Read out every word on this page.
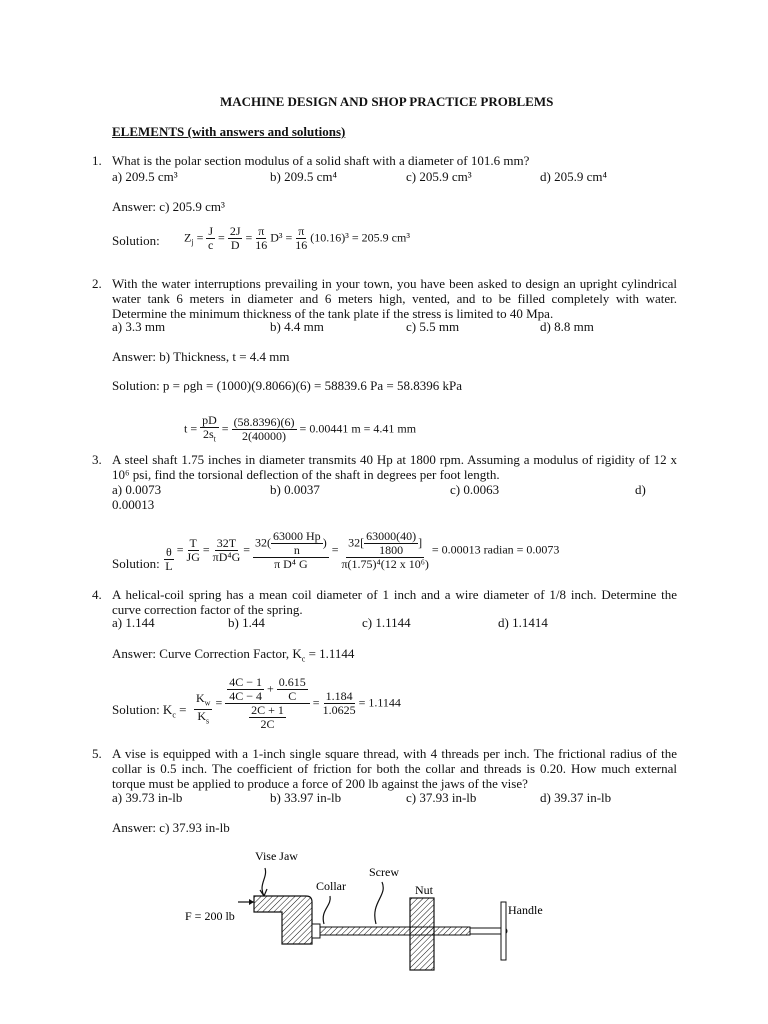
MACHINE DESIGN AND SHOP PRACTICE PROBLEMS
ELEMENTS (with answers and solutions)
1. What is the polar section modulus of a solid shaft with a diameter of 101.6 mm?
a) 209.5 cm³	b) 209.5 cm⁴	c) 205.9 cm³	d) 205.9 cm⁴
Answer: c) 205.9 cm³
Solution: $Z_j = \frac{J}{c} = \frac{2J}{D} = \frac{\pi}{16} D^3 = \frac{\pi}{16} (10.16)^3 = 205.9$ cm³
2. With the water interruptions prevailing in your town, you have been asked to design an upright cylindrical water tank 6 meters in diameter and 6 meters high, vented, and to be filled completely with water. Determine the minimum thickness of the tank plate if the stress is limited to 40 Mpa.
a) 3.3 mm	b) 4.4 mm	c) 5.5 mm	d) 8.8 mm
Answer: b) Thickness, t = 4.4 mm
Solution: p = ρgh = (1000)(9.8066)(6) = 58839.6 Pa = 58.8396 kPa
$t = \frac{pD}{2s_t} = \frac{(58.8396)(6)}{2(40000)} = 0.00441$ m = 4.41 mm
3. A steel shaft 1.75 inches in diameter transmits 40 Hp at 1800 rpm. Assuming a modulus of rigidity of 12 x 10⁶ psi, find the torsional deflection of the shaft in degrees per foot length.
a) 0.0073	b) 0.0037	c) 0.0063	d)
0.00013
Solution: $\frac{\theta}{L} = \frac{T}{JG} = \frac{32T}{\text{πD⁴G}} = \frac{32( \frac{63000 Hp}{n} )}{\text{π D⁴ G}} = \frac{32[ \frac{63000(40)}{1800} ]}{\text{π(1.75)⁴(12 x 10⁶)}} = 0.00013$ radian = 0.0073
4. A helical-coil spring has a mean coil diameter of 1 inch and a wire diameter of 1/8 inch. Determine the curve correction factor of the spring.
a) 1.144	b) 1.44	c) 1.1144	d) 1.1414
Answer: Curve Correction Factor, $K_c = 1.1144$
Solution: $K_c = \frac{K_w}{K_s} = \frac{\frac{4C - 1}{4C - 4} + \frac{0.615}{C}}{\frac{2C + 1}{2C}} = \frac{1.184}{1.0625} = 1.1144$
5. A vise is equipped with a 1-inch single square thread, with 4 threads per inch. The frictional radius of the collar is 0.5 inch. The coefficient of friction for both the collar and threads is 0.20. How much external torque must be applied to produce a force of 200 lb against the jaws of the vise?
a) 39.73 in-lb	b) 33.97 in-lb	c) 37.93 in-lb	d) 39.37 in-lb
Answer: c) 37.93 in-lb
Vise Jaw
Collar
Screw
Nut
Handle
F = 200 lb
